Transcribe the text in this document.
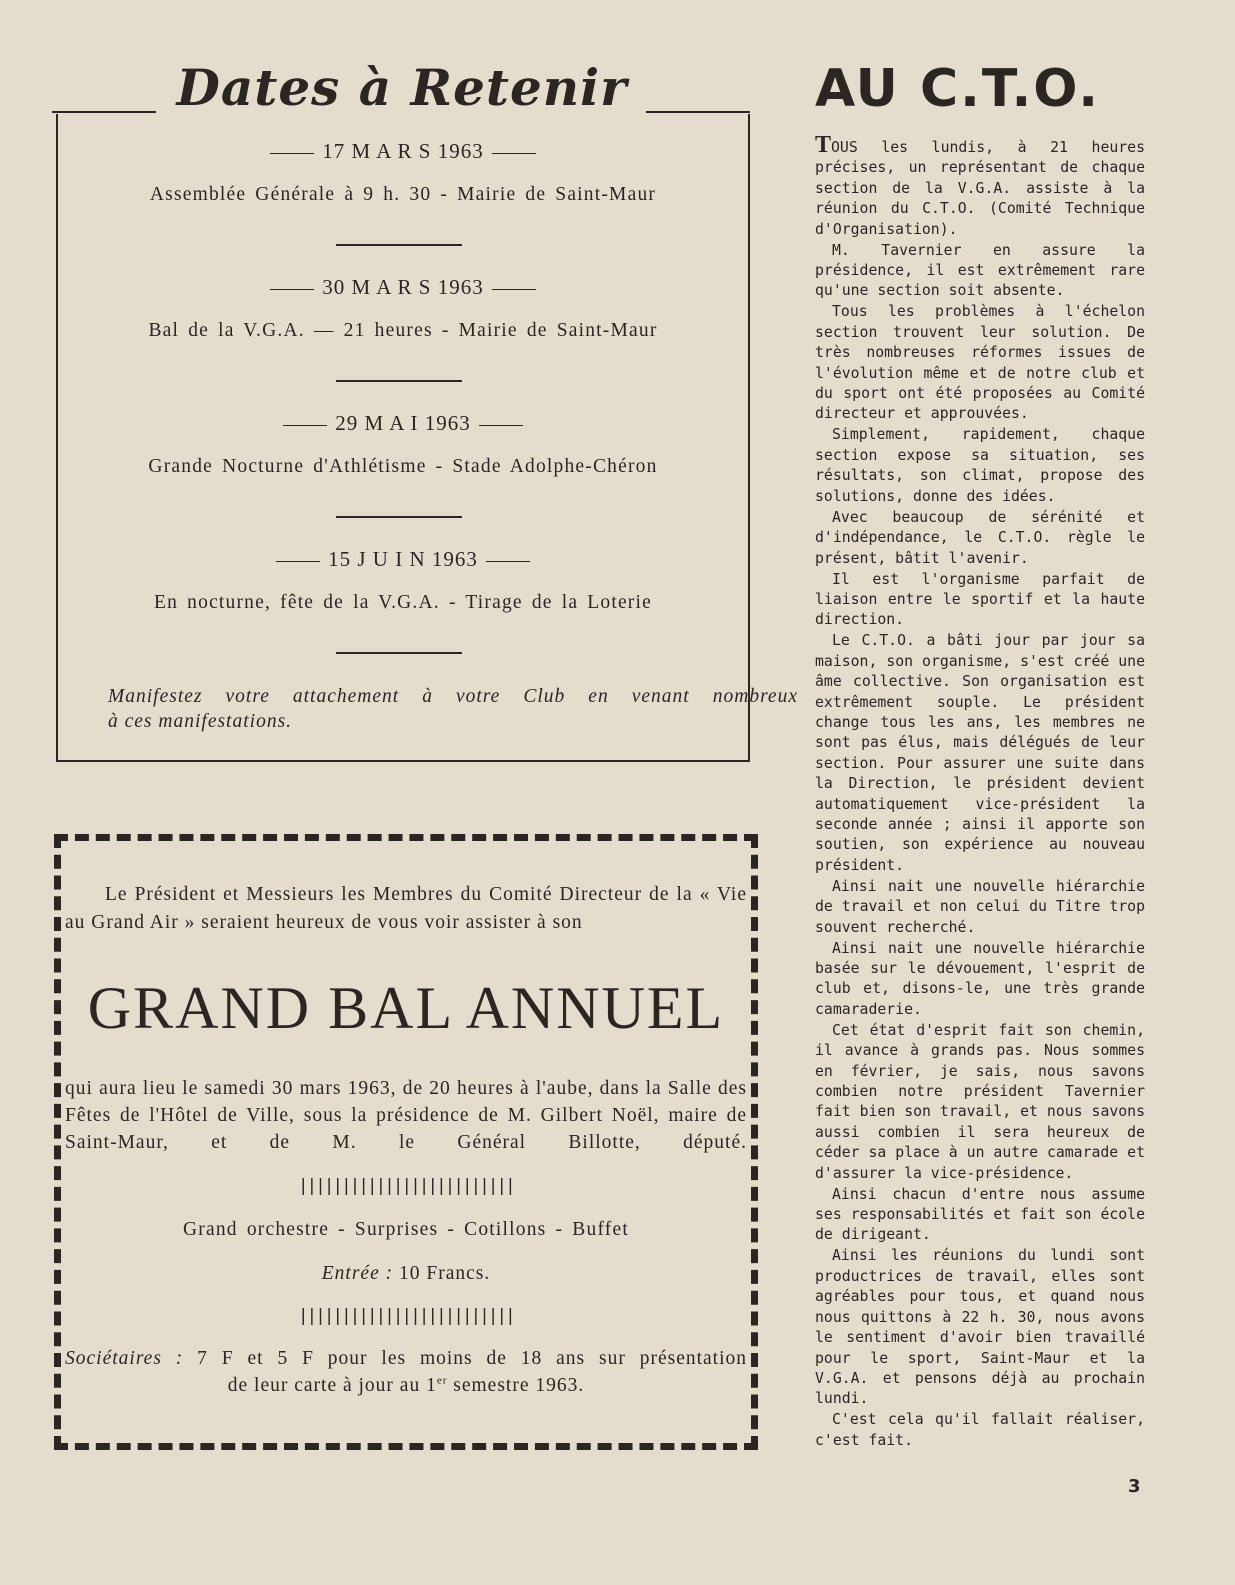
Dates à Retenir
17 M A R S 1963
Assemblée Générale à 9 h. 30 - Mairie de Saint-Maur
30 M A R S 1963
Bal de la V.G.A. — 21 heures - Mairie de Saint-Maur
29 M A I 1963
Grande Nocturne d'Athlétisme - Stade Adolphe-Chéron
15 J U I N 1963
En nocturne, fête de la V.G.A. - Tirage de la Loterie
Manifestez votre attachement à votre Club en venant nombreux
à ces manifestations.
Le Président et Messieurs les Membres du Comité Directeur de la « Vie au Grand Air » seraient heureux de vous voir assister à son
GRAND BAL ANNUEL
qui aura lieu le samedi 30 mars 1963, de 20 heures à l'aube, dans la Salle des Fêtes de l'Hôtel de Ville, sous la présidence de M. Gilbert Noël, maire de Saint-Maur, et de M. le Général Billotte, député.
|||||||||||||||||||||||||
Grand orchestre - Surprises - Cotillons - Buffet
Entrée : 10 Francs.
|||||||||||||||||||||||||
Sociétaires : 7 F et 5 F pour les moins de 18 ans sur présentation
de leur carte à jour au 1er semestre 1963.
AU C.T.O.

TOUS les lundis, à 21 heures précises, un représentant de chaque section de la V.G.A. assiste à la réunion du C.T.O. (Comité Technique d'Organisation).

M. Tavernier en assure la présidence, il est extrêmement rare qu'une section soit absente.

Tous les problèmes à l'échelon section trouvent leur solution. De très nombreuses réformes issues de l'évolution même et de notre club et du sport ont été proposées au Comité directeur et approuvées.

Simplement, rapidement, chaque section expose sa situation, ses résultats, son climat, propose des solutions, donne des idées.

Avec beaucoup de sérénité et d'indépendance, le C.T.O. règle le présent, bâtit l'avenir.

Il est l'organisme parfait de liaison entre le sportif et la haute direction.

Le C.T.O. a bâti jour par jour sa maison, son organisme, s'est créé une âme collective. Son organisation est extrêmement souple. Le président change tous les ans, les membres ne sont pas élus, mais délégués de leur section. Pour assurer une suite dans la Direction, le président devient automatiquement vice-président la seconde année ; ainsi il apporte son soutien, son expérience au nouveau président.

Ainsi nait une nouvelle hiérarchie de travail et non celui du Titre trop souvent recherché.

Ainsi nait une nouvelle hiérarchie basée sur le dévouement, l'esprit de club et, disons-le, une très grande camaraderie.

Cet état d'esprit fait son chemin, il avance à grands pas. Nous sommes en février, je sais, nous savons combien notre président Tavernier fait bien son travail, et nous savons aussi combien il sera heureux de céder sa place à un autre camarade et d'assurer la vice-présidence.

Ainsi chacun d'entre nous assume ses responsabilités et fait son école de dirigeant.

Ainsi les réunions du lundi sont productrices de travail, elles sont agréables pour tous, et quand nous nous quittons à 22 h. 30, nous avons le sentiment d'avoir bien travaillé pour le sport, Saint-Maur et la V.G.A. et pensons déjà au prochain lundi.

C'est cela qu'il fallait réaliser, c'est fait.

3
